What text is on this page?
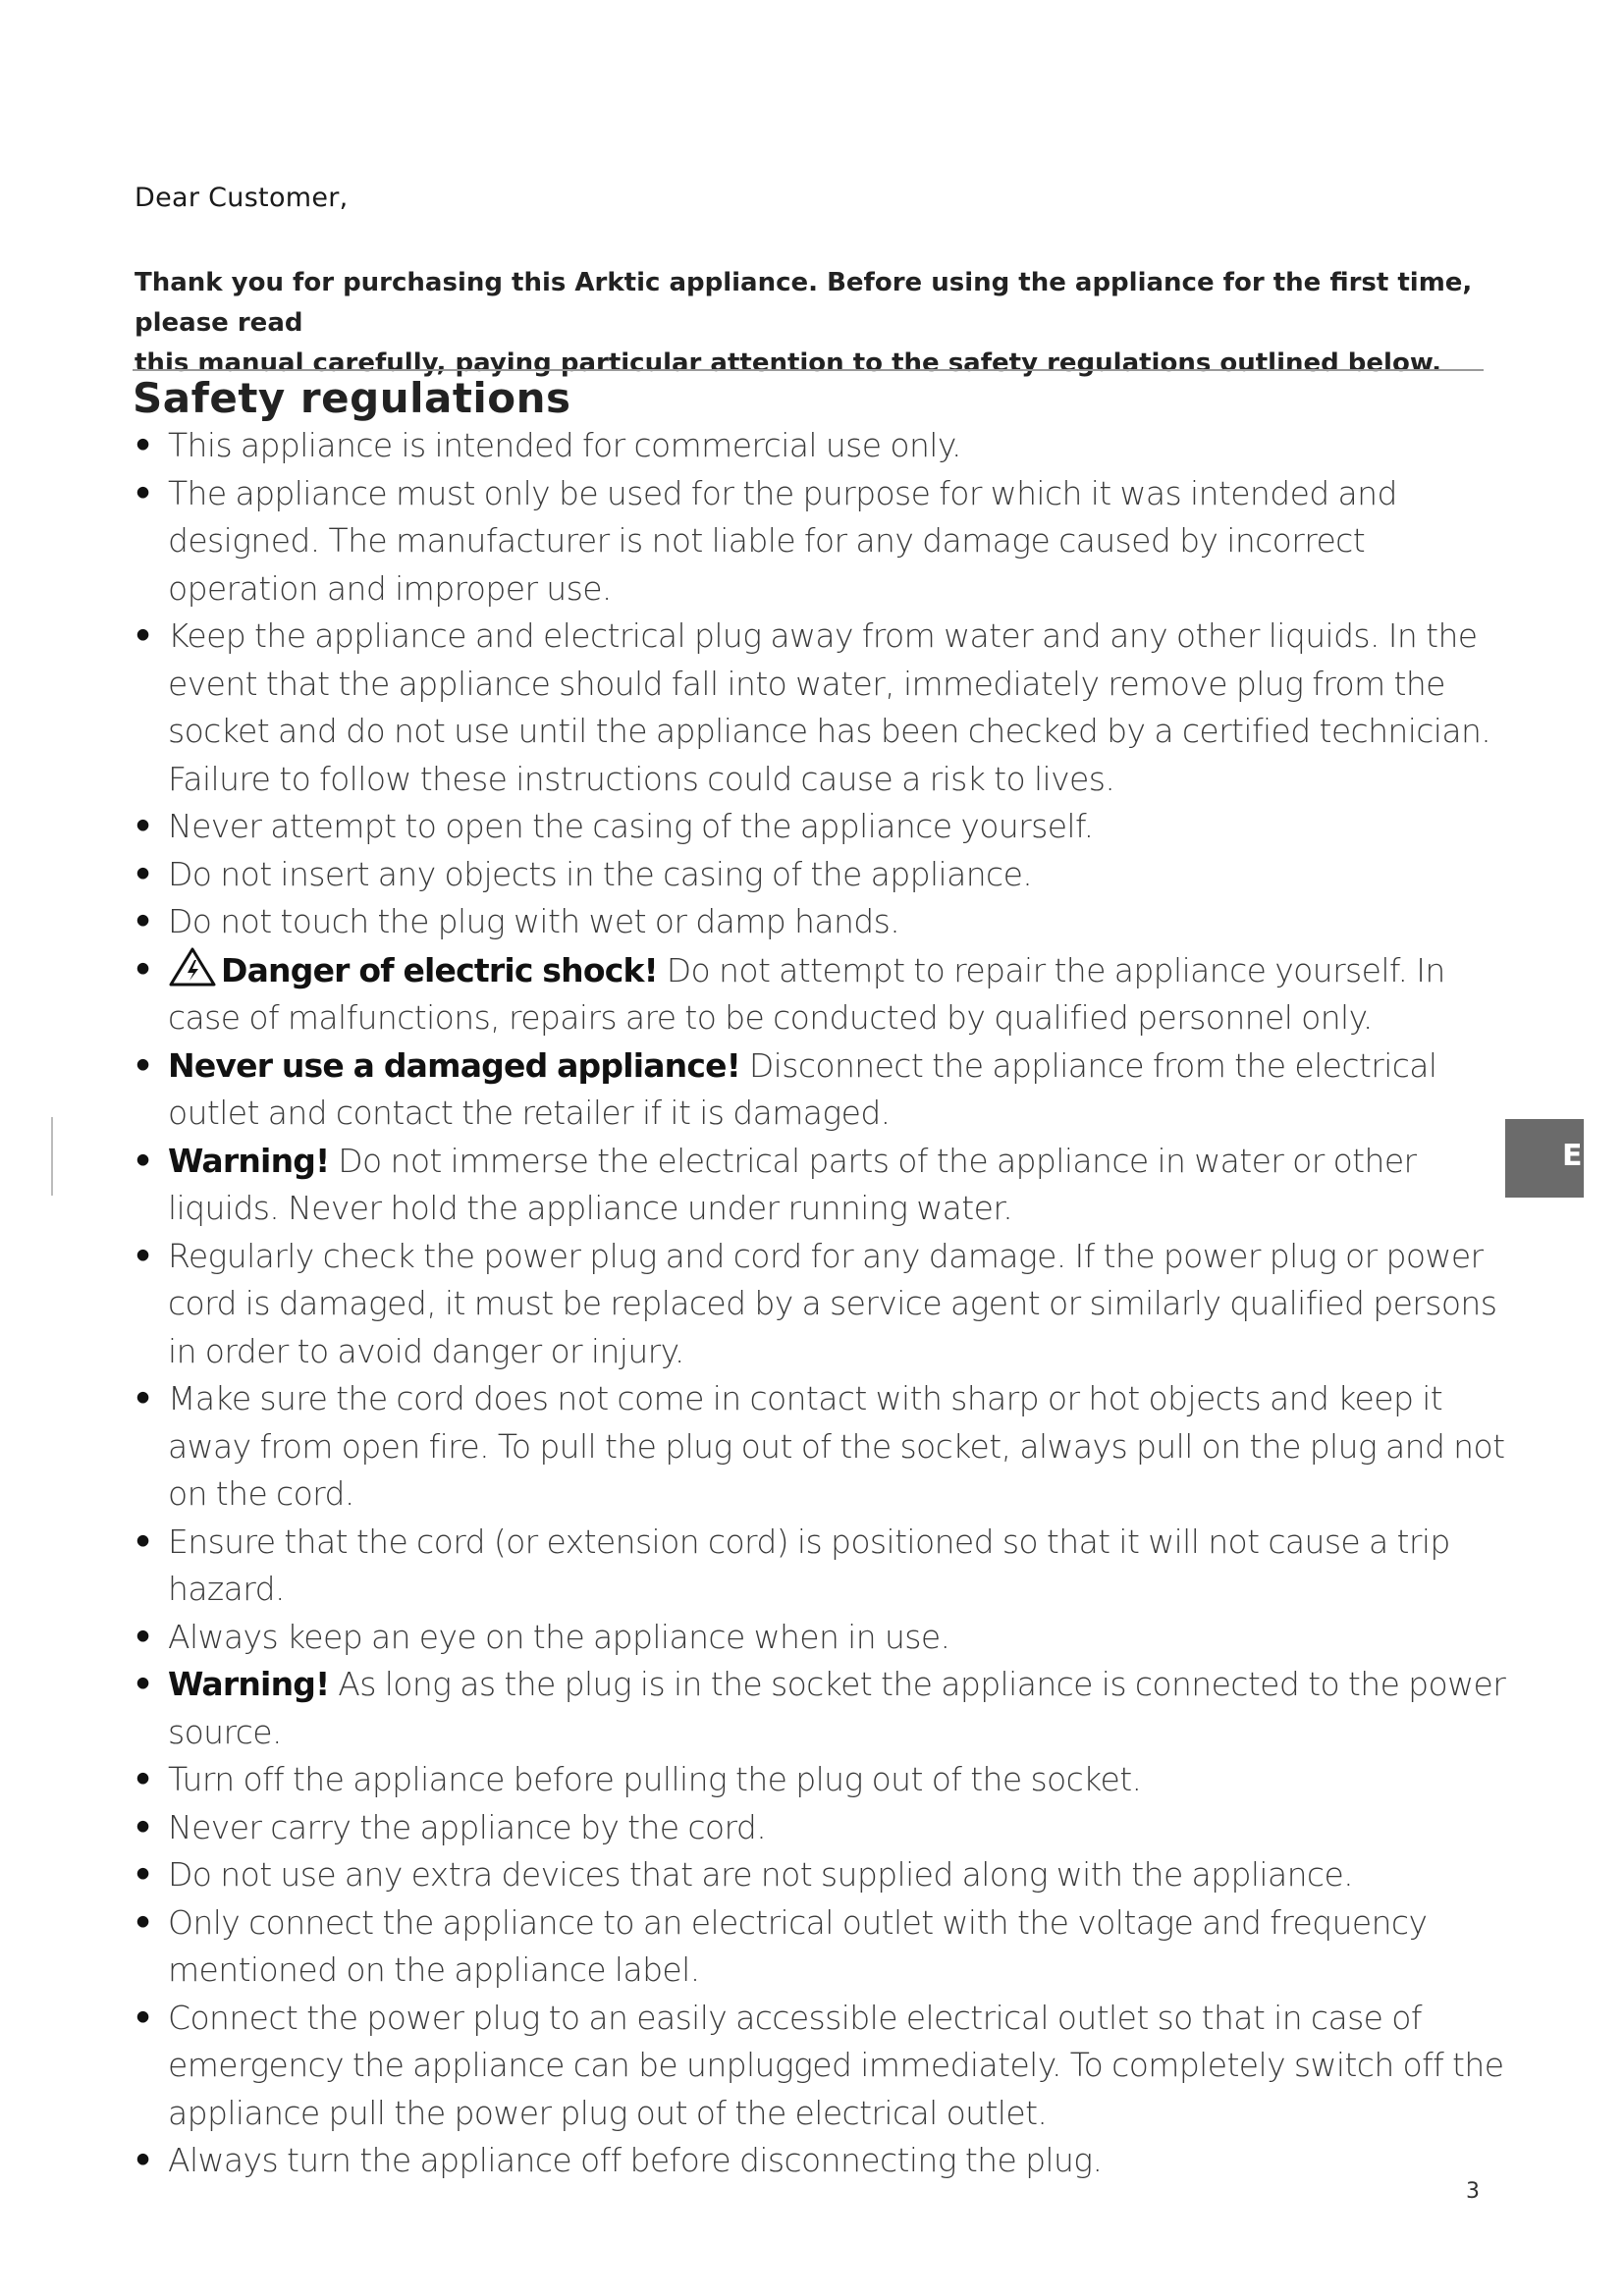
Dear Customer,

Thank you for purchasing this Arktic appliance. Before using the appliance for the first time, please read

this manual carefully, paying particular attention to the safety regulations outlined below.

Safety regulations
• This appliance is intended for commercial use only.
• The appliance must only be used for the purpose for which it was intended and designed. The manufacturer is not liable for any damage caused by incorrect operation and improper use.
• Keep the appliance and electrical plug away from water and any other liquids. In the event that the appliance should fall into water, immediately remove plug from the socket and do not use until the appliance has been checked by a certified technician. Failure to follow these instructions could cause a risk to lives.
• Never attempt to open the casing of the appliance yourself.
• Do not insert any objects in the casing of the appliance.
• Do not touch the plug with wet or damp hands.
•	Danger of electric shock! Do not attempt to repair the appliance yourself. In case of malfunctions, repairs are to be conducted by qualified personnel only.
• Never use a damaged appliance! Disconnect the appliance from the electrical outlet and contact the retailer if it is damaged.
• Warning! Do not immerse the electrical parts of the appliance in water or other liquids. Never hold the appliance under running water.
• Regularly check the power plug and cord for any damage. If the power plug or power cord is damaged, it must be replaced by a service agent or similarly qualified persons in order to avoid danger or injury.
• Make sure the cord does not come in contact with sharp or hot objects and keep it away from open fire. To pull the plug out of the socket, always pull on the plug and not on the cord.
• Ensure that the cord (or extension cord) is positioned so that it will not cause a trip hazard.
• Always keep an eye on the appliance when in use.
• Warning! As long as the plug is in the socket the appliance is connected to the power source.
• Turn off the appliance before pulling the plug out of the socket.
• Never carry the appliance by the cord.
• Do not use any extra devices that are not supplied along with the appliance.
• Only connect the appliance to an electrical outlet with the voltage and frequency mentioned on the appliance label.
• Connect the power plug to an easily accessible electrical outlet so that in case of emergency the appliance can be unplugged immediately. To completely switch off the appliance pull the power plug out of the electrical outlet.
• Always turn the appliance off before disconnecting the plug.
E
3
